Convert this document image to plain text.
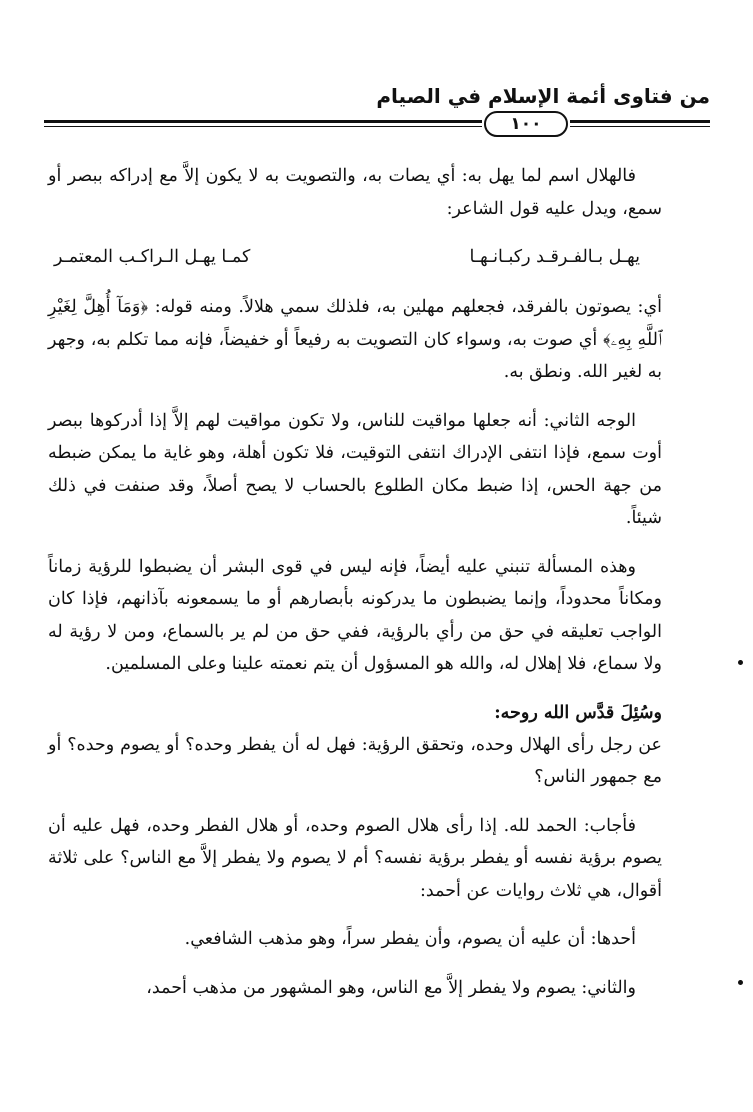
من فتاوى أئمة الإسلام في الصيام
١٠٠

فالهلال اسم لما يهل به: أي يصات به، والتصويت به لا يكون إلاَّ مع إدراكه ببصر أو سمع، ويدل عليه قول الشاعر:

يهـل بـالفـرقـد ركبـانـهـا
كمـا يهـل الـراكـب المعتمـر

أي: يصوتون بالفرقد، فجعلهم مهلين به، فلذلك سمي هلالاً. ومنه قوله: ﴿وَمَآ أُهِلَّ لِغَيْرِ ٱللَّهِ بِهِۦ﴾ أي صوت به، وسواء كان التصويت به رفيعاً أو خفيضاً، فإنه مما تكلم به، وجهر به لغير الله. ونطق به.

الوجه الثاني: أنه جعلها مواقيت للناس، ولا تكون مواقيت لهم إلاَّ إذا أدركوها ببصر أوت سمع، فإذا انتفى الإدراك انتفى التوقيت، فلا تكون أهلة، وهو غاية ما يمكن ضبطه من جهة الحس، إذا ضبط مكان الطلوع بالحساب لا يصح أصلاً، وقد صنفت في ذلك شيئاً.

وهذه المسألة تنبني عليه أيضاً، فإنه ليس في قوى البشر أن يضبطوا للرؤية زماناً ومكاناً محدوداً، وإنما يضبطون ما يدركونه بأبصارهم أو ما يسمعونه بآذانهم، فإذا كان الواجب تعليقه في حق من رأي بالرؤية، ففي حق من لم ير بالسماع، ومن لا رؤية له ولا سماع، فلا إهلال له، والله هو المسؤول أن يتم نعمته علينا وعلى المسلمين.

وسُئِلَ قدَّس الله روحه:

عن رجل رأى الهلال وحده، وتحقق الرؤية: فهل له أن يفطر وحده؟ أو يصوم وحده؟ أو مع جمهور الناس؟

فأجاب: الحمد لله. إذا رأى هلال الصوم وحده، أو هلال الفطر وحده، فهل عليه أن يصوم برؤية نفسه أو يفطر برؤية نفسه؟ أم لا يصوم ولا يفطر إلاَّ مع الناس؟ على ثلاثة أقوال، هي ثلاث روايات عن أحمد:

أحدها: أن عليه أن يصوم، وأن يفطر سراً، وهو مذهب الشافعي.

والثاني: يصوم ولا يفطر إلاَّ مع الناس، وهو المشهور من مذهب أحمد،
